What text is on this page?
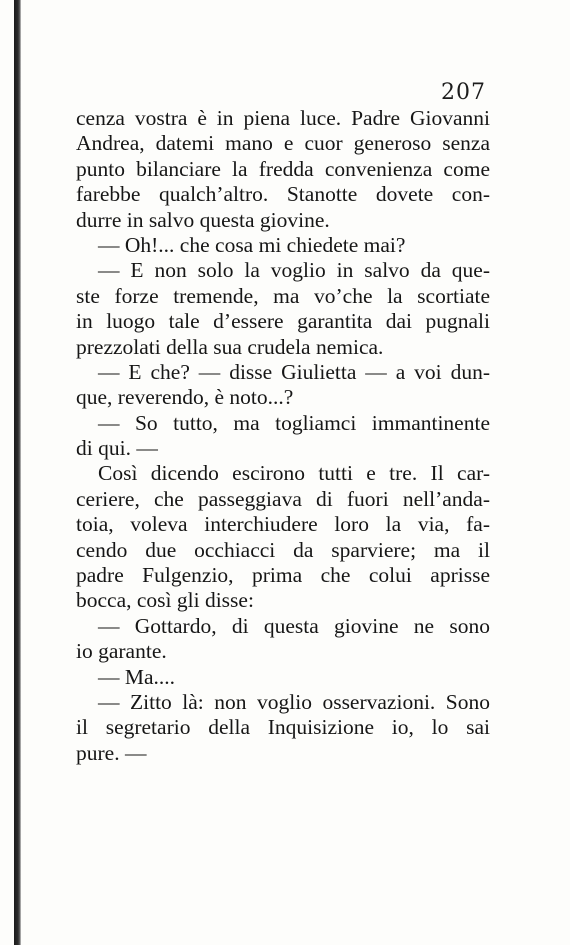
207
cenza vostra è in piena luce. Padre Giovanni
Andrea, datemi mano e cuor generoso senza
punto bilanciare la fredda convenienza come
farebbe qualch’altro. Stanotte dovete con-
durre in salvo questa giovine.
— Oh!... che cosa mi chiedete mai?
— E non solo la voglio in salvo da que-
ste forze tremende, ma vo’che la scortiate
in luogo tale d’essere garantita dai pugnali
prezzolati della sua crudela nemica.
— E che? — disse Giulietta — a voi dun-
que, reverendo, è noto...?
— So tutto, ma togliamci immantinente
di qui. —
Così dicendo escirono tutti e tre. Il car-
ceriere, che passeggiava di fuori nell’anda-
toia, voleva interchiudere loro la via, fa-
cendo due occhiacci da sparviere; ma il
padre Fulgenzio, prima che colui aprisse
bocca, così gli disse:
— Gottardo, di questa giovine ne sono
io garante.
— Ma....
— Zitto là: non voglio osservazioni. Sono
il segretario della Inquisizione io, lo sai
pure. —
